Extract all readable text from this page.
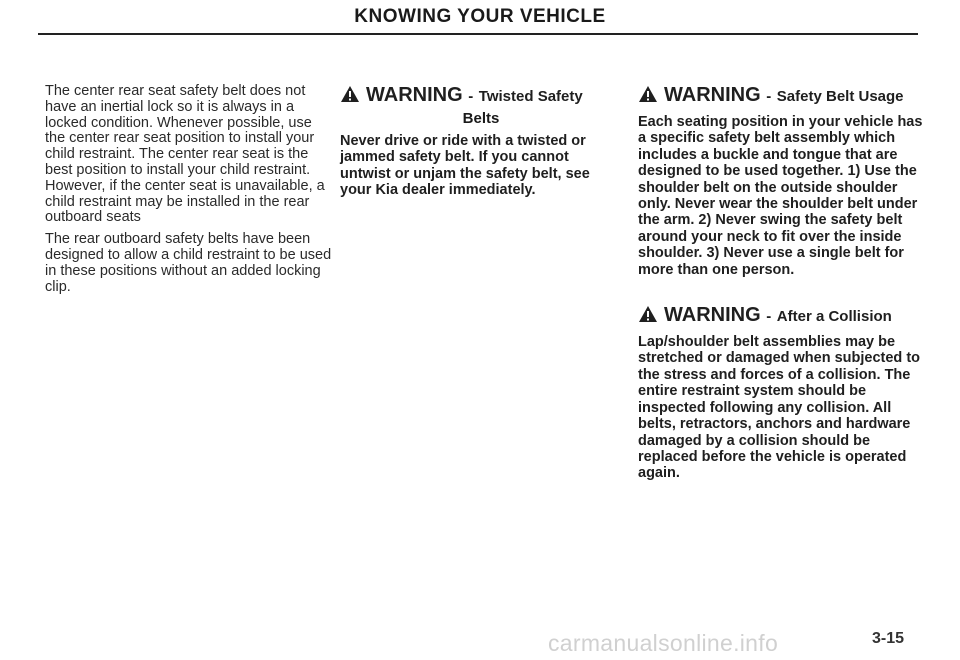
KNOWING YOUR VEHICLE

The center rear seat safety belt does not have an inertial lock so it is always in a locked condition. Whenever possible, use the center rear seat position to install your child restraint. The center rear seat is the best position to install your child restraint. However, if the center seat is unavailable, a child restraint may be installed in the rear outboard seats

The rear outboard safety belts have been designed to allow a child restraint to be used in these positions without an added locking clip.

WARNING - Twisted Safety
Belts
Never drive or ride with a twisted or jammed safety belt. If you cannot untwist or unjam the safety belt, see your Kia dealer immediately.
WARNING - Safety Belt Usage
Each seating position in your vehicle has a specific safety belt assembly which includes a buckle and tongue that are designed to be used together. 1) Use the shoulder belt on the outside shoulder only. Never wear the shoulder belt under the arm. 2) Never swing the safety belt around your neck to fit over the inside shoulder. 3) Never use a single belt for more than one person.
WARNING - After a Collision
Lap/shoulder belt assemblies may be stretched or damaged when subjected to the stress and forces of a collision. The entire restraint system should be inspected following any collision. All belts, retractors, anchors and hardware damaged by a collision should be replaced before the vehicle is operated again.
carmanualsonline.info	3-15
